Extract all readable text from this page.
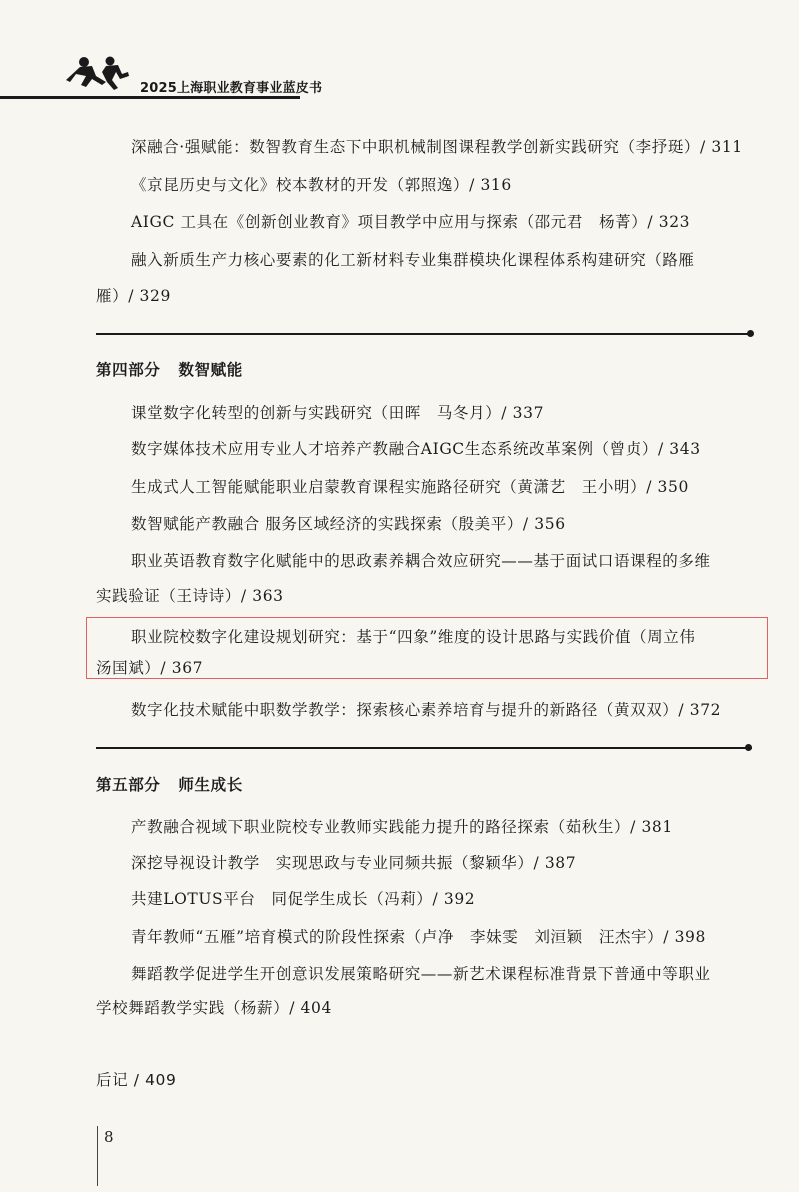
2025上海职业教育事业蓝皮书
深融合·强赋能：数智教育生态下中职机械制图课程教学创新实践研究（李抒珽）/ 311
《京昆历史与文化》校本教材的开发（郭照逸）/ 316
AIGC 工具在《创新创业教育》项目教学中应用与探索（邵元君　杨菁）/ 323
融入新质生产力核心要素的化工新材料专业集群模块化课程体系构建研究（路雁
雁）/ 329
第四部分 数智赋能
课堂数字化转型的创新与实践研究（田晖　马冬月）/ 337
数字媒体技术应用专业人才培养产教融合AIGC生态系统改革案例（曾贞）/ 343
生成式人工智能赋能职业启蒙教育课程实施路径研究（黄潇艺　王小明）/ 350
数智赋能产教融合 服务区域经济的实践探索（殷美平）/ 356
职业英语教育数字化赋能中的思政素养耦合效应研究——基于面试口语课程的多维
实践验证（王诗诗）/ 363
职业院校数字化建设规划研究：基于“四象”维度的设计思路与实践价值（周立伟
汤国斌）/ 367
数字化技术赋能中职数学教学：探索核心素养培育与提升的新路径（黄双双）/ 372
第五部分 师生成长
产教融合视域下职业院校专业教师实践能力提升的路径探索（茹秋生）/ 381
深挖导视设计教学　实现思政与专业同频共振（黎颖华）/ 387
共建LOTUS平台　同促学生成长（冯莉）/ 392
青年教师“五雁”培育模式的阶段性探索（卢净　李妹雯　刘洹颖　汪杰宇）/ 398
舞蹈教学促进学生开创意识发展策略研究——新艺术课程标准背景下普通中等职业
学校舞蹈教学实践（杨薪）/ 404
后记 / 409
8
